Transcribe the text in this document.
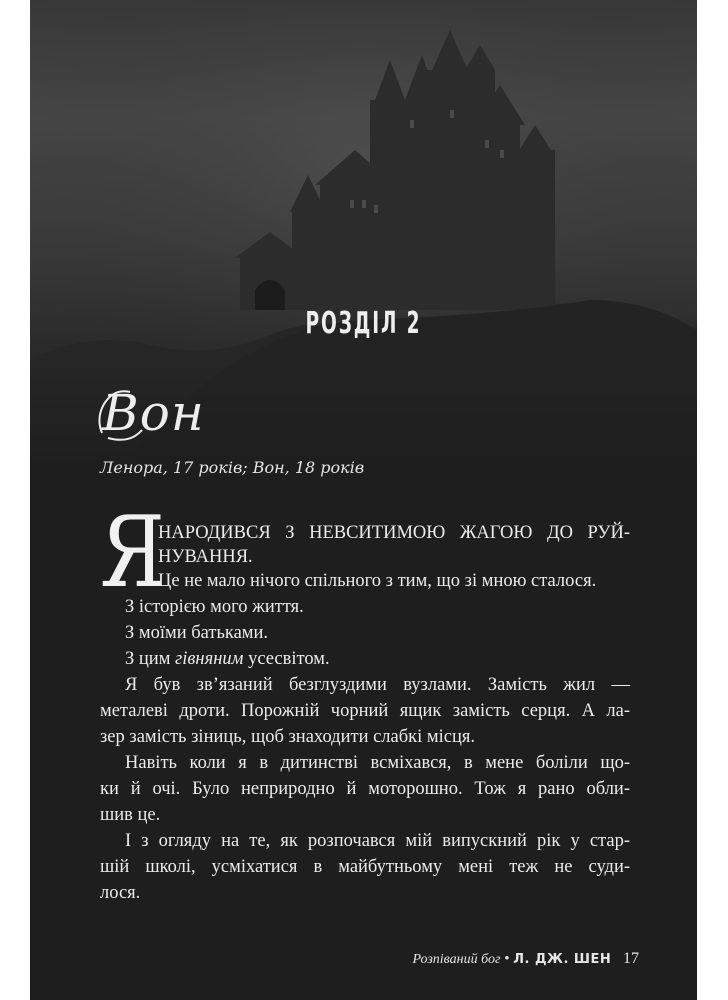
РОЗДІЛ 2
Вон
Ленора, 17 років; Вон, 18 років
Я

НАРОДИВСЯ З НЕВСИТИМОЮ ЖАГОЮ ДО РУЙ-

НУВАННЯ.

Це не мало нічого спільного з тим, що зі мною сталося.

З історією мого життя.

З моїми батьками.

З цим гівняним усесвітом.

Я був зв’язаний безглуздими вузлами. Замість жил —

металеві дроти. Порожній чорний ящик замість серця. А ла-

зер замість зіниць, щоб знаходити слабкі місця.

Навіть коли я в дитинстві всміхався, в мене боліли що-

ки й очі. Було неприродно й моторошно. Тож я рано обли-

шив це.

І з огляду на те, як розпочався мій випускний рік у стар-

шій школі, усміхатися в майбутньому мені теж не суди-

лося.

Розпіваний бог • Л. ДЖ. ШЕН 17
